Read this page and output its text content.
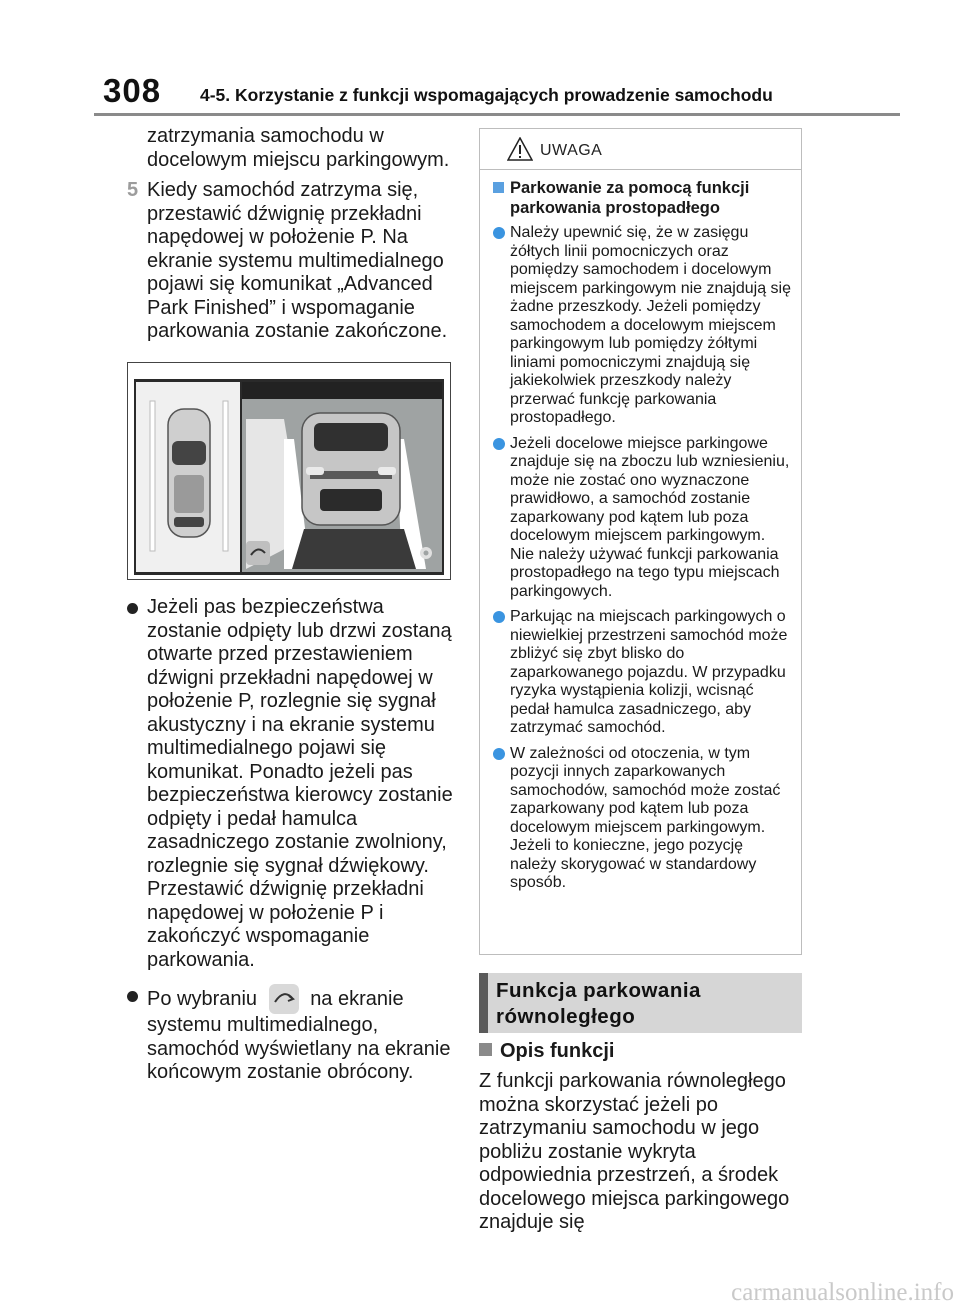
308 4-5. Korzystanie z funkcji wspomagających prowadzenie samochodu

zatrzymania samochodu w docelowym miejscu parkingowym.

5 Kiedy samochód zatrzyma się, przestawić dźwignię przekładni napędowej w położenie P. Na ekranie systemu multimedialnego pojawi się komunikat „Advanced Park Finished” i wspomaganie parkowania zostanie zakończone.
Jeżeli pas bezpieczeństwa zostanie odpięty lub drzwi zostaną otwarte przed przestawieniem dźwigni przekładni napędowej w położenie P, rozlegnie się sygnał akustyczny i na ekranie systemu multimedialnego pojawi się komunikat. Ponadto jeżeli pas bezpieczeństwa kierowcy zostanie odpięty i pedał hamulca zasadniczego zostanie zwolniony, rozlegnie się sygnał dźwiękowy. Przestawić dźwignię przekładni napędowej w położenie P i zakończyć wspomaganie parkowania.
Po wybraniu	na ekranie systemu multimedialnego, samochód wyświetlany na ekranie końcowym zostanie obrócony.
UWAGA
Parkowanie za pomocą funkcji parkowania prostopadłego
Należy upewnić się, że w zasięgu żółtych linii pomocniczych oraz pomiędzy samochodem i docelowym miejscem parkingowym nie znajdują się żadne przeszkody. Jeżeli pomiędzy samochodem a docelowym miejscem parkingowym lub pomiędzy żółtymi liniami pomocniczymi znajdują się jakiekolwiek przeszkody należy przerwać funkcję parkowania prostopadłego.
Jeżeli docelowe miejsce parkingowe znajduje się na zboczu lub wzniesieniu, może nie zostać ono wyznaczone prawidłowo, a samochód zostanie zaparkowany pod kątem lub poza docelowym miejscem parkingowym. Nie należy używać funkcji parkowania prostopadłego na tego typu miejscach parkingowych.
Parkując na miejscach parkingowych o niewielkiej przestrzeni samochód może zbliżyć się zbyt blisko do zaparkowanego pojazdu. W przypadku ryzyka wystąpienia kolizji, wcisnąć pedał hamulca zasadniczego, aby zatrzymać samochód.
W zależności od otoczenia, w tym pozycji innych zaparkowanych samochodów, samochód może zostać zaparkowany pod kątem lub poza docelowym miejscem parkingowym. Jeżeli to konieczne, jego pozycję należy skorygować w standardowy sposób.
Funkcja parkowania równoległego
Opis funkcji
Z funkcji parkowania równoległego można skorzystać jeżeli po zatrzymaniu samochodu w jego pobliżu zostanie wykryta odpowiednia przestrzeń, a środek docelowego miejsca parkingowego znajduje się
carmanualsonline.info
